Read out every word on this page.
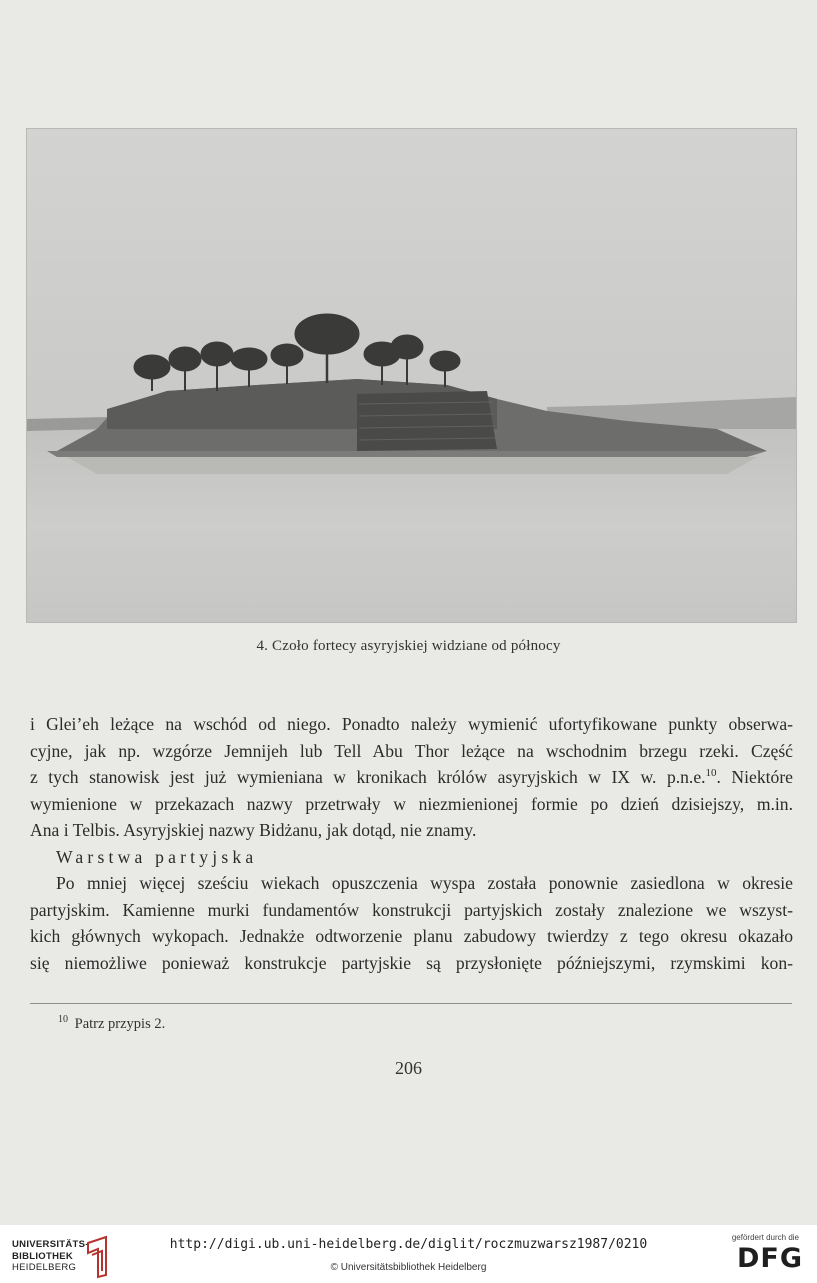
4. Czoło fortecy asyryjskiej widziane od północy
i Glei’eh leżące na wschód od niego. Ponadto należy wymienić ufortyfikowane punkty obserwa-
cyjne, jak np. wzgórze Jemnijeh lub Tell Abu Thor leżące na wschodnim brzegu rzeki. Część
z tych stanowisk jest już wymieniana w kronikach królów asyryjskich w IX w. p.n.e.$^{10}$. Niektóre
wymienione w przekazach nazwy przetrwały w niezmienionej formie po dzień dzisiejszy, m.in.
Ana i Telbis. Asyryjskiej nazwy Bidżanu, jak dotąd, nie znamy.
Warstwa partyjska
Po mniej więcej sześciu wiekach opuszczenia wyspa została ponownie zasiedlona w okresie
partyjskim. Kamienne murki fundamentów konstrukcji partyjskich zostały znalezione we wszyst-
kich głównych wykopach. Jednakże odtworzenie planu zabudowy twierdzy z tego okresu okazało
się niemożliwe ponieważ konstrukcje partyjskie są przysłonięte późniejszymi, rzymskimi kon-
$^{10}$ Patrz przypis 2.
206
UNIVERSITÄTS-
BIBLIOTHEK
HEIDELBERG
http://digi.ub.uni-heidelberg.de/diglit/roczmuzwarsz1987/0210
© Universitätsbibliothek Heidelberg
gefördert durch die
DFG
